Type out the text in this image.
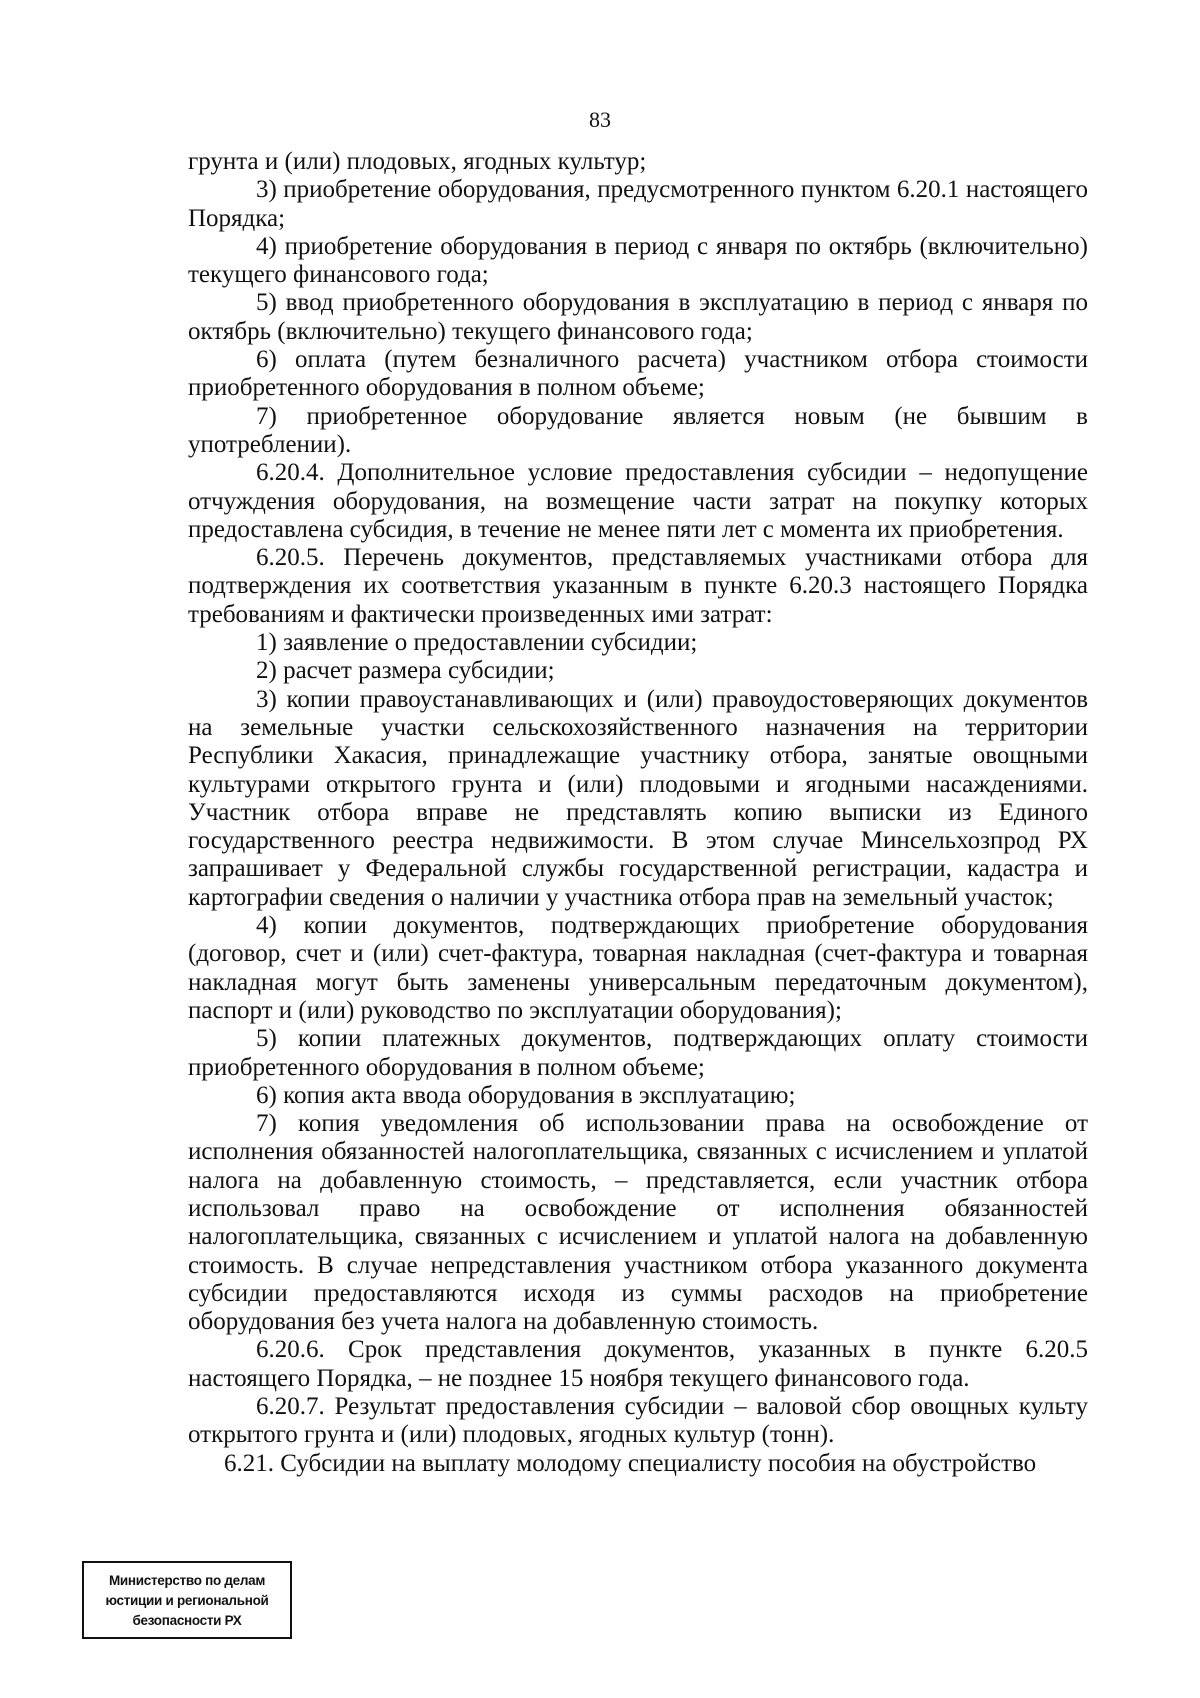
83

грунта и (или) плодовых, ягодных культур;

3) приобретение оборудования, предусмотренного пунктом 6.20.1 настоящего Порядка;

4) приобретение оборудования в период с января по октябрь (включительно) текущего финансового года;

5) ввод приобретенного оборудования в эксплуатацию в период с января по октябрь (включительно) текущего финансового года;

6) оплата (путем безналичного расчета) участником отбора стоимости приобретенного оборудования в полном объеме;

7) приобретенное оборудование является новым (не бывшим в употреблении).

6.20.4. Дополнительное условие предоставления субсидии – недопущение отчуждения оборудования, на возмещение части затрат на покупку которых предоставлена субсидия, в течение не менее пяти лет с момента их приобретения.

6.20.5. Перечень документов, представляемых участниками отбора для подтверждения их соответствия указанным в пункте 6.20.3 настоящего Порядка требованиям и фактически произведенных ими затрат:

1) заявление о предоставлении субсидии;

2) расчет размера субсидии;

3) копии правоустанавливающих и (или) правоудостоверяющих документов на земельные участки сельскохозяйственного назначения на территории Республики Хакасия, принадлежащие участнику отбора, занятые овощными культурами открытого грунта и (или) плодовыми и ягодными насаждениями. Участник отбора вправе не представлять копию выписки из Единого государственного реестра недвижимости. В этом случае Минсельхозпрод РХ запрашивает у Федеральной службы государственной регистрации, кадастра и картографии сведения о наличии у участника отбора прав на земельный участок;

4) копии документов, подтверждающих приобретение оборудования (договор, счет и (или) счет-фактура, товарная накладная (счет-фактура и товарная накладная могут быть заменены универсальным передаточным документом), паспорт и (или) руководство по эксплуатации оборудования);

5) копии платежных документов, подтверждающих оплату стоимости приобретенного оборудования в полном объеме;

6) копия акта ввода оборудования в эксплуатацию;

7) копия уведомления об использовании права на освобождение от исполнения обязанностей налогоплательщика, связанных с исчислением и уплатой налога на добавленную стоимость, – представляется, если участник отбора использовал право на освобождение от исполнения обязанностей налогоплательщика, связанных с исчислением и уплатой налога на добавленную стоимость. В случае непредставления участником отбора указанного документа субсидии предоставляются исходя из суммы расходов на приобретение оборудования без учета налога на добавленную стоимость.

6.20.6. Срок представления документов, указанных в пункте 6.20.5 настоящего Порядка, – не позднее 15 ноября текущего финансового года.

6.20.7. Результат предоставления субсидии – валовой сбор овощных культу открытого грунта и (или) плодовых, ягодных культур (тонн).

6.21. Субсидии на выплату молодому специалисту пособия на обустройство

Министерство по делам
юстиции и региональной
безопасности РХ
